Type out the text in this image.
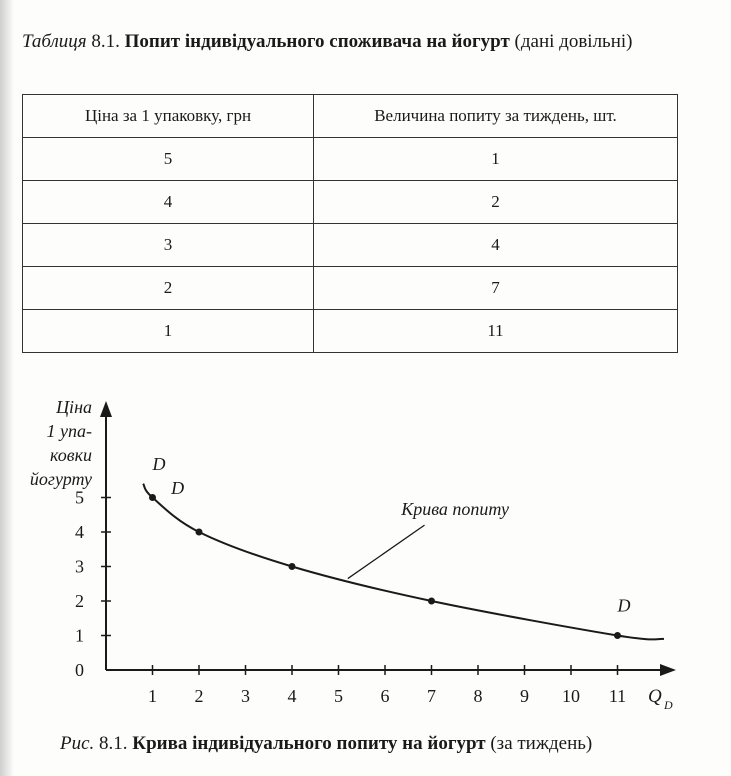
Таблиця 8.1. Попит індивідуального споживача на йогурт (дані довільні)
Ціна за 1 упаковку, грн	Величина попиту за тиждень, шт.
5	1
4	2
3	4
2	7
1	11
1 2 3 4 5 6 7 8 9 10 11
0
1
2
3
4
5
Ціна
1 упа-
ковки
йогурту
Q D
D
D
D
Крива попиту
Рис. 8.1. Крива індивідуального попиту на йогурт (за тиждень)
